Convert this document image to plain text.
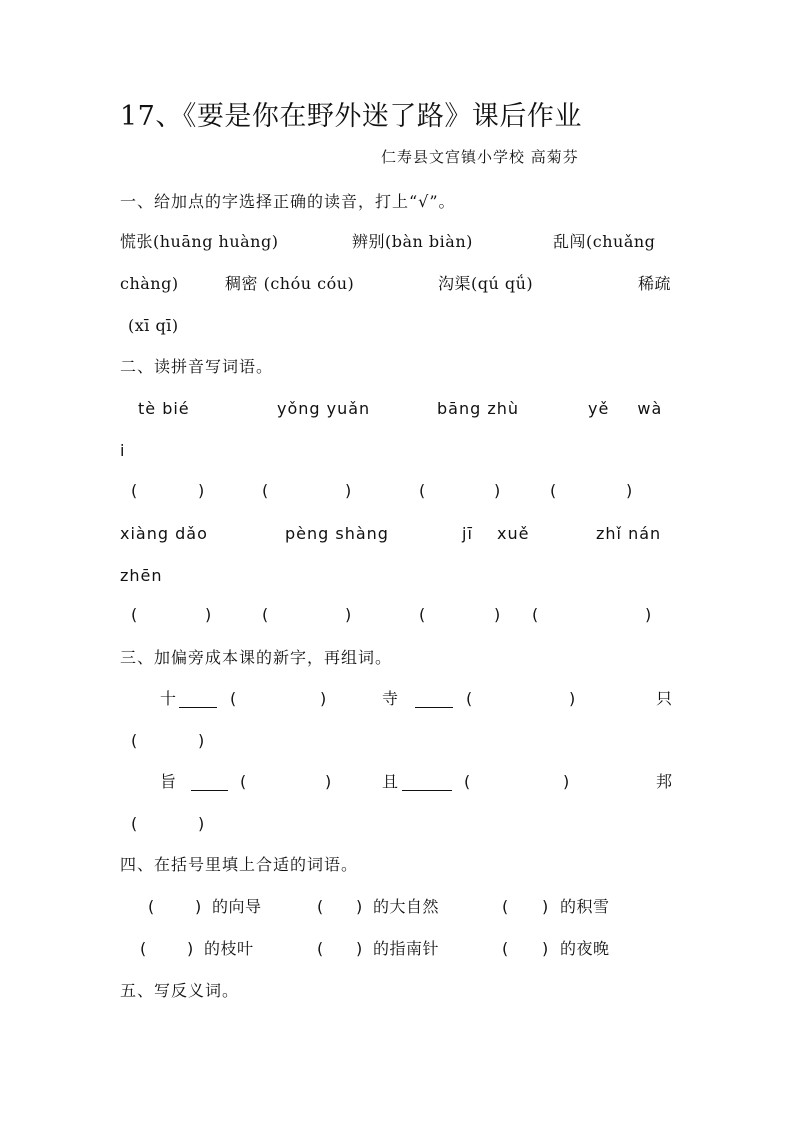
17、《要是你在野外迷了路》课后作业
仁寿县文宫镇小学校 高菊芬
一、给加点的字选择正确的读音，打上“√”。
慌张(huāng huàng)	辨别(bàn biàn)	乱闯(chuǎng
chàng)	稠密 (chóu cóu)	沟渠(qú qǘ)	稀疏
(xī qī)
二、读拼音写词语。
tè bié	yǒng yuǎn	bāng zhù	yě wà
i
(	)	(	)	(	)	(	)
xiàng dǎo	pèng shàng	jī xuě	zhǐ nán
zhēn
(	)	(	)	(	) (	)
三、加偏旁成本课的新字，再组词。
十	(	)	寺	(	)	只
(	)
旨	(	)	且	(	)	邦
(	)
四、在括号里填上合适的词语。
(	) 的向导	( ) 的大自然	( ) 的积雪
(	) 的枝叶	( ) 的指南针	( ) 的夜晚
五、写反义词。
